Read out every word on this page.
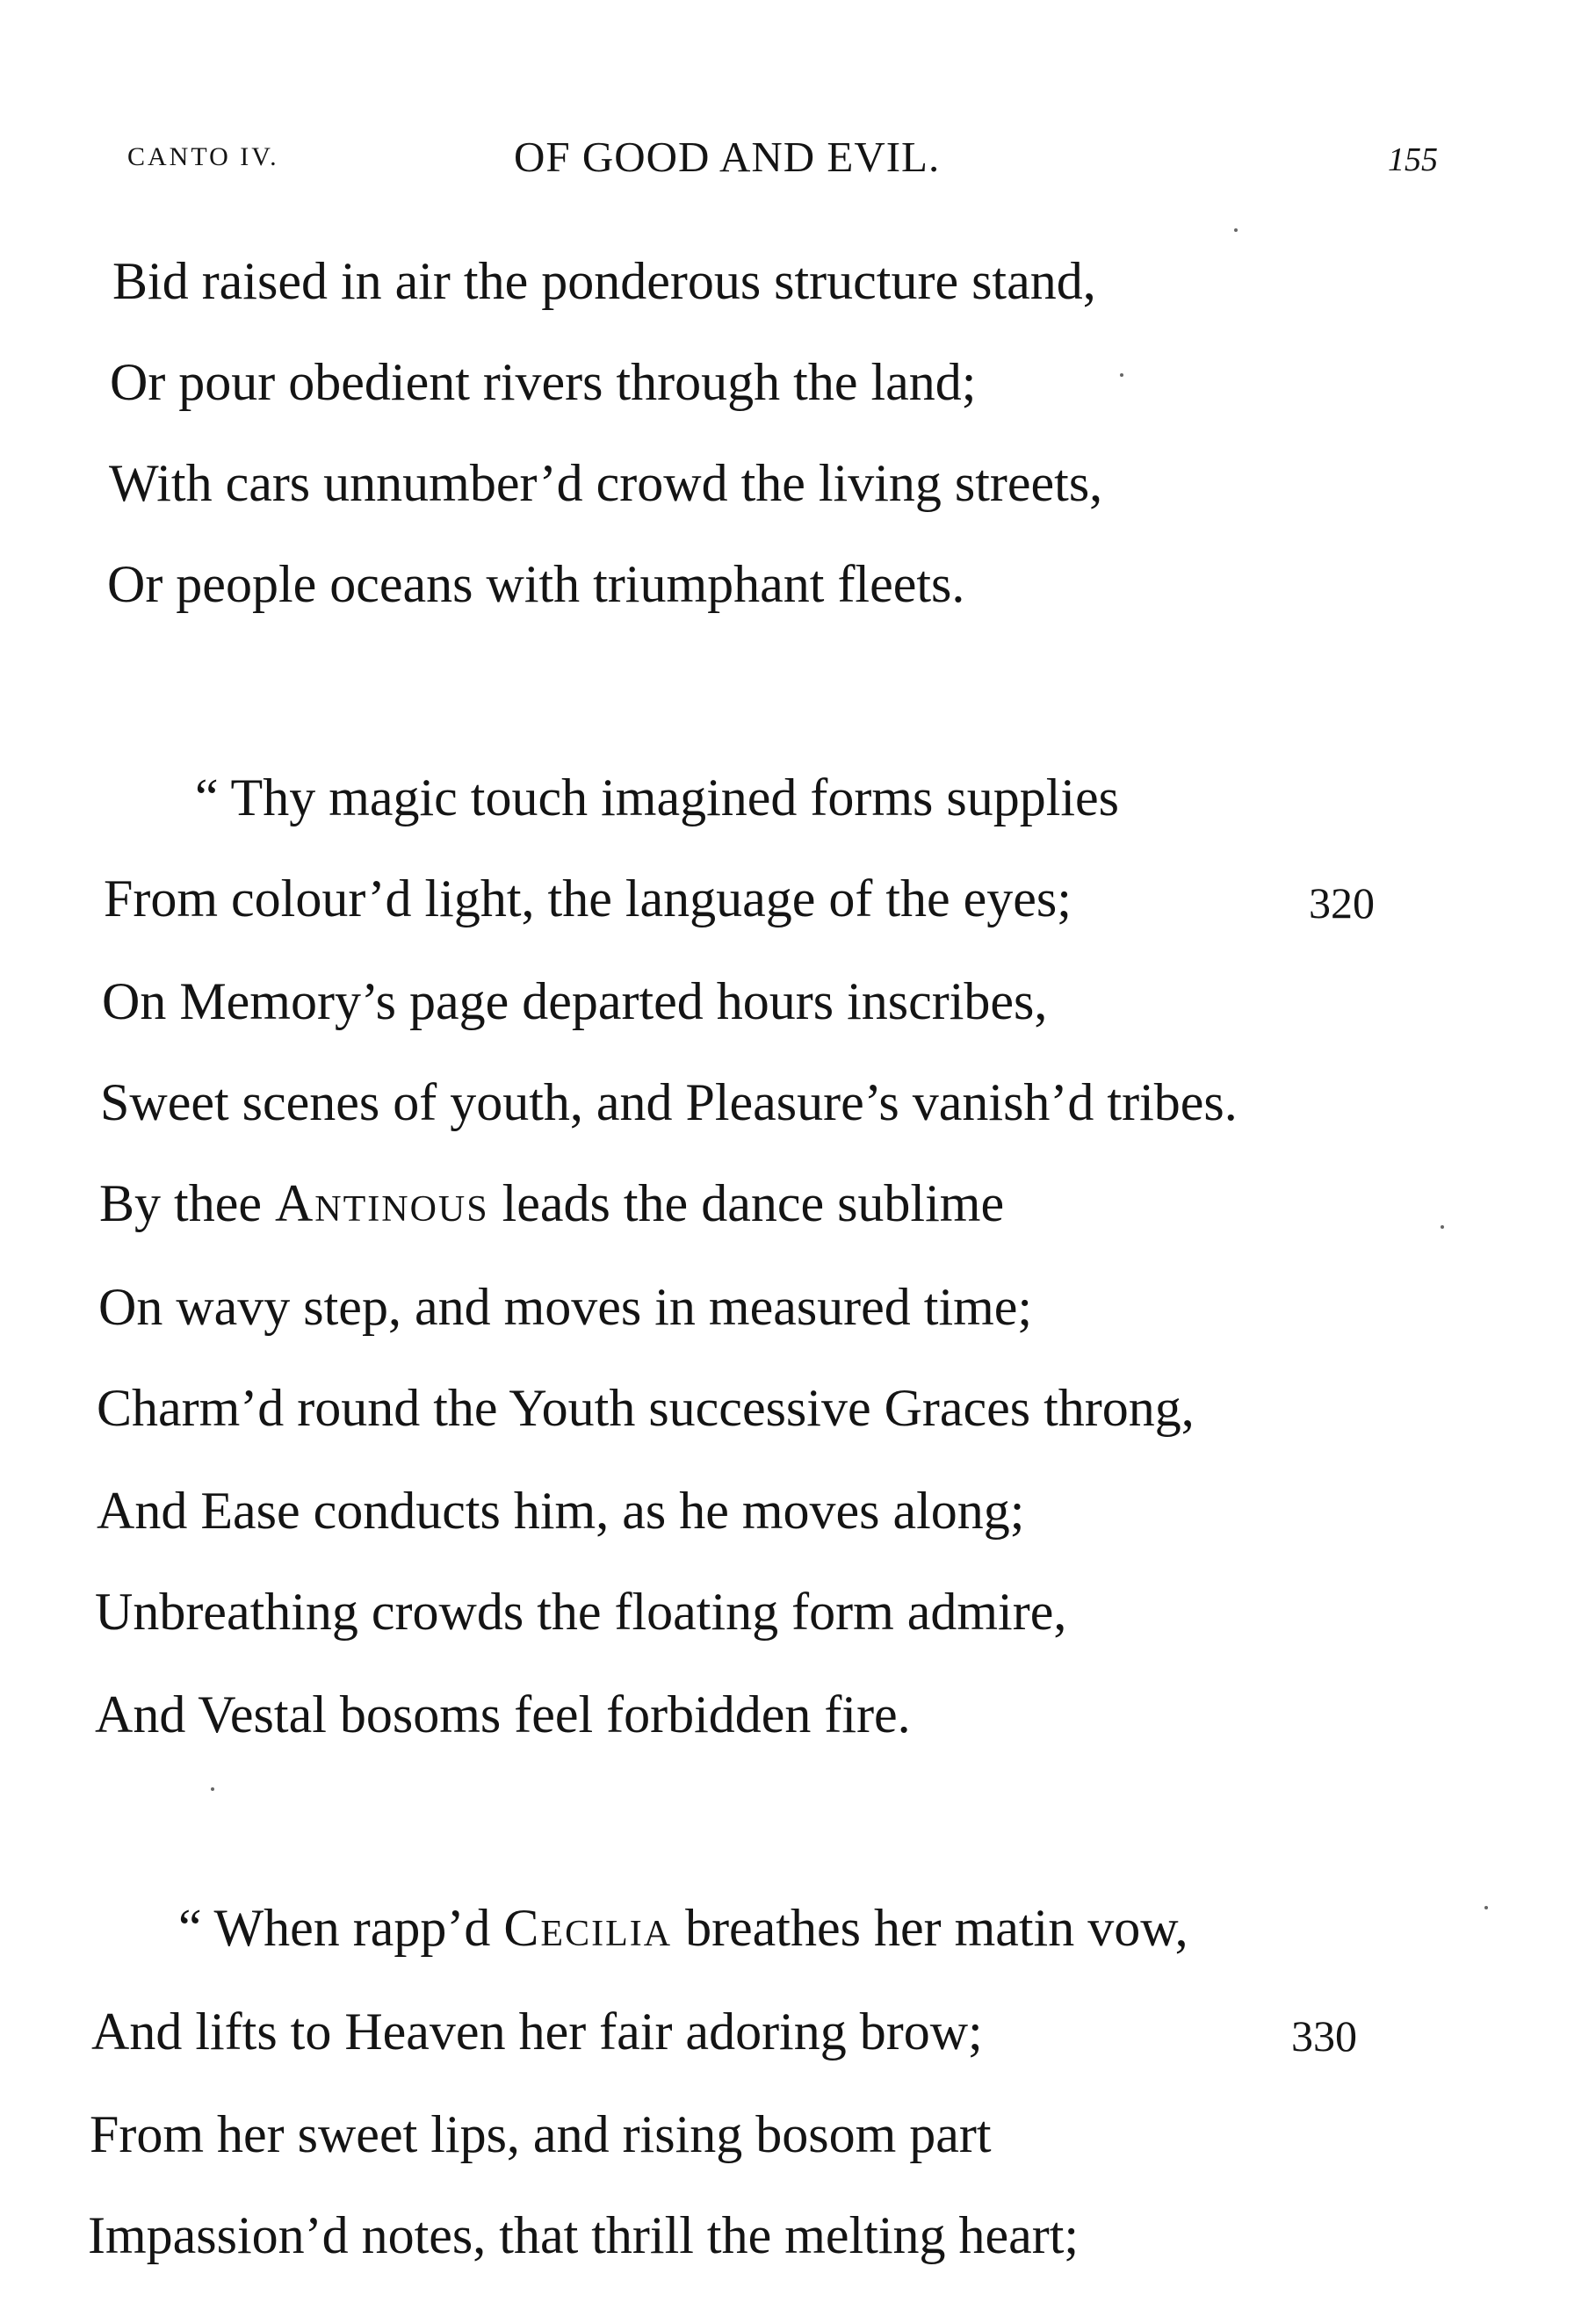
CANTO IV.	OF GOOD AND EVIL.	155
Bid raised in air the ponderous structure stand,
Or pour obedient rivers through the land;
With cars unnumber’d crowd the living streets,
Or people oceans with triumphant fleets.
“ Thy magic touch imagined forms supplies
From colour’d light, the language of the eyes;	320
On Memory’s page departed hours inscribes,
Sweet scenes of youth, and Pleasure’s vanish’d tribes.
By thee Antinous leads the dance sublime
On wavy step, and moves in measured time;
Charm’d round the Youth successive Graces throng,
And Ease conducts him, as he moves along;
Unbreathing crowds the floating form admire,
And Vestal bosoms feel forbidden fire.
“ When rapp’d Cecilia breathes her matin vow,
And lifts to Heaven her fair adoring brow;	330
From her sweet lips, and rising bosom part
Impassion’d notes, that thrill the melting heart;
